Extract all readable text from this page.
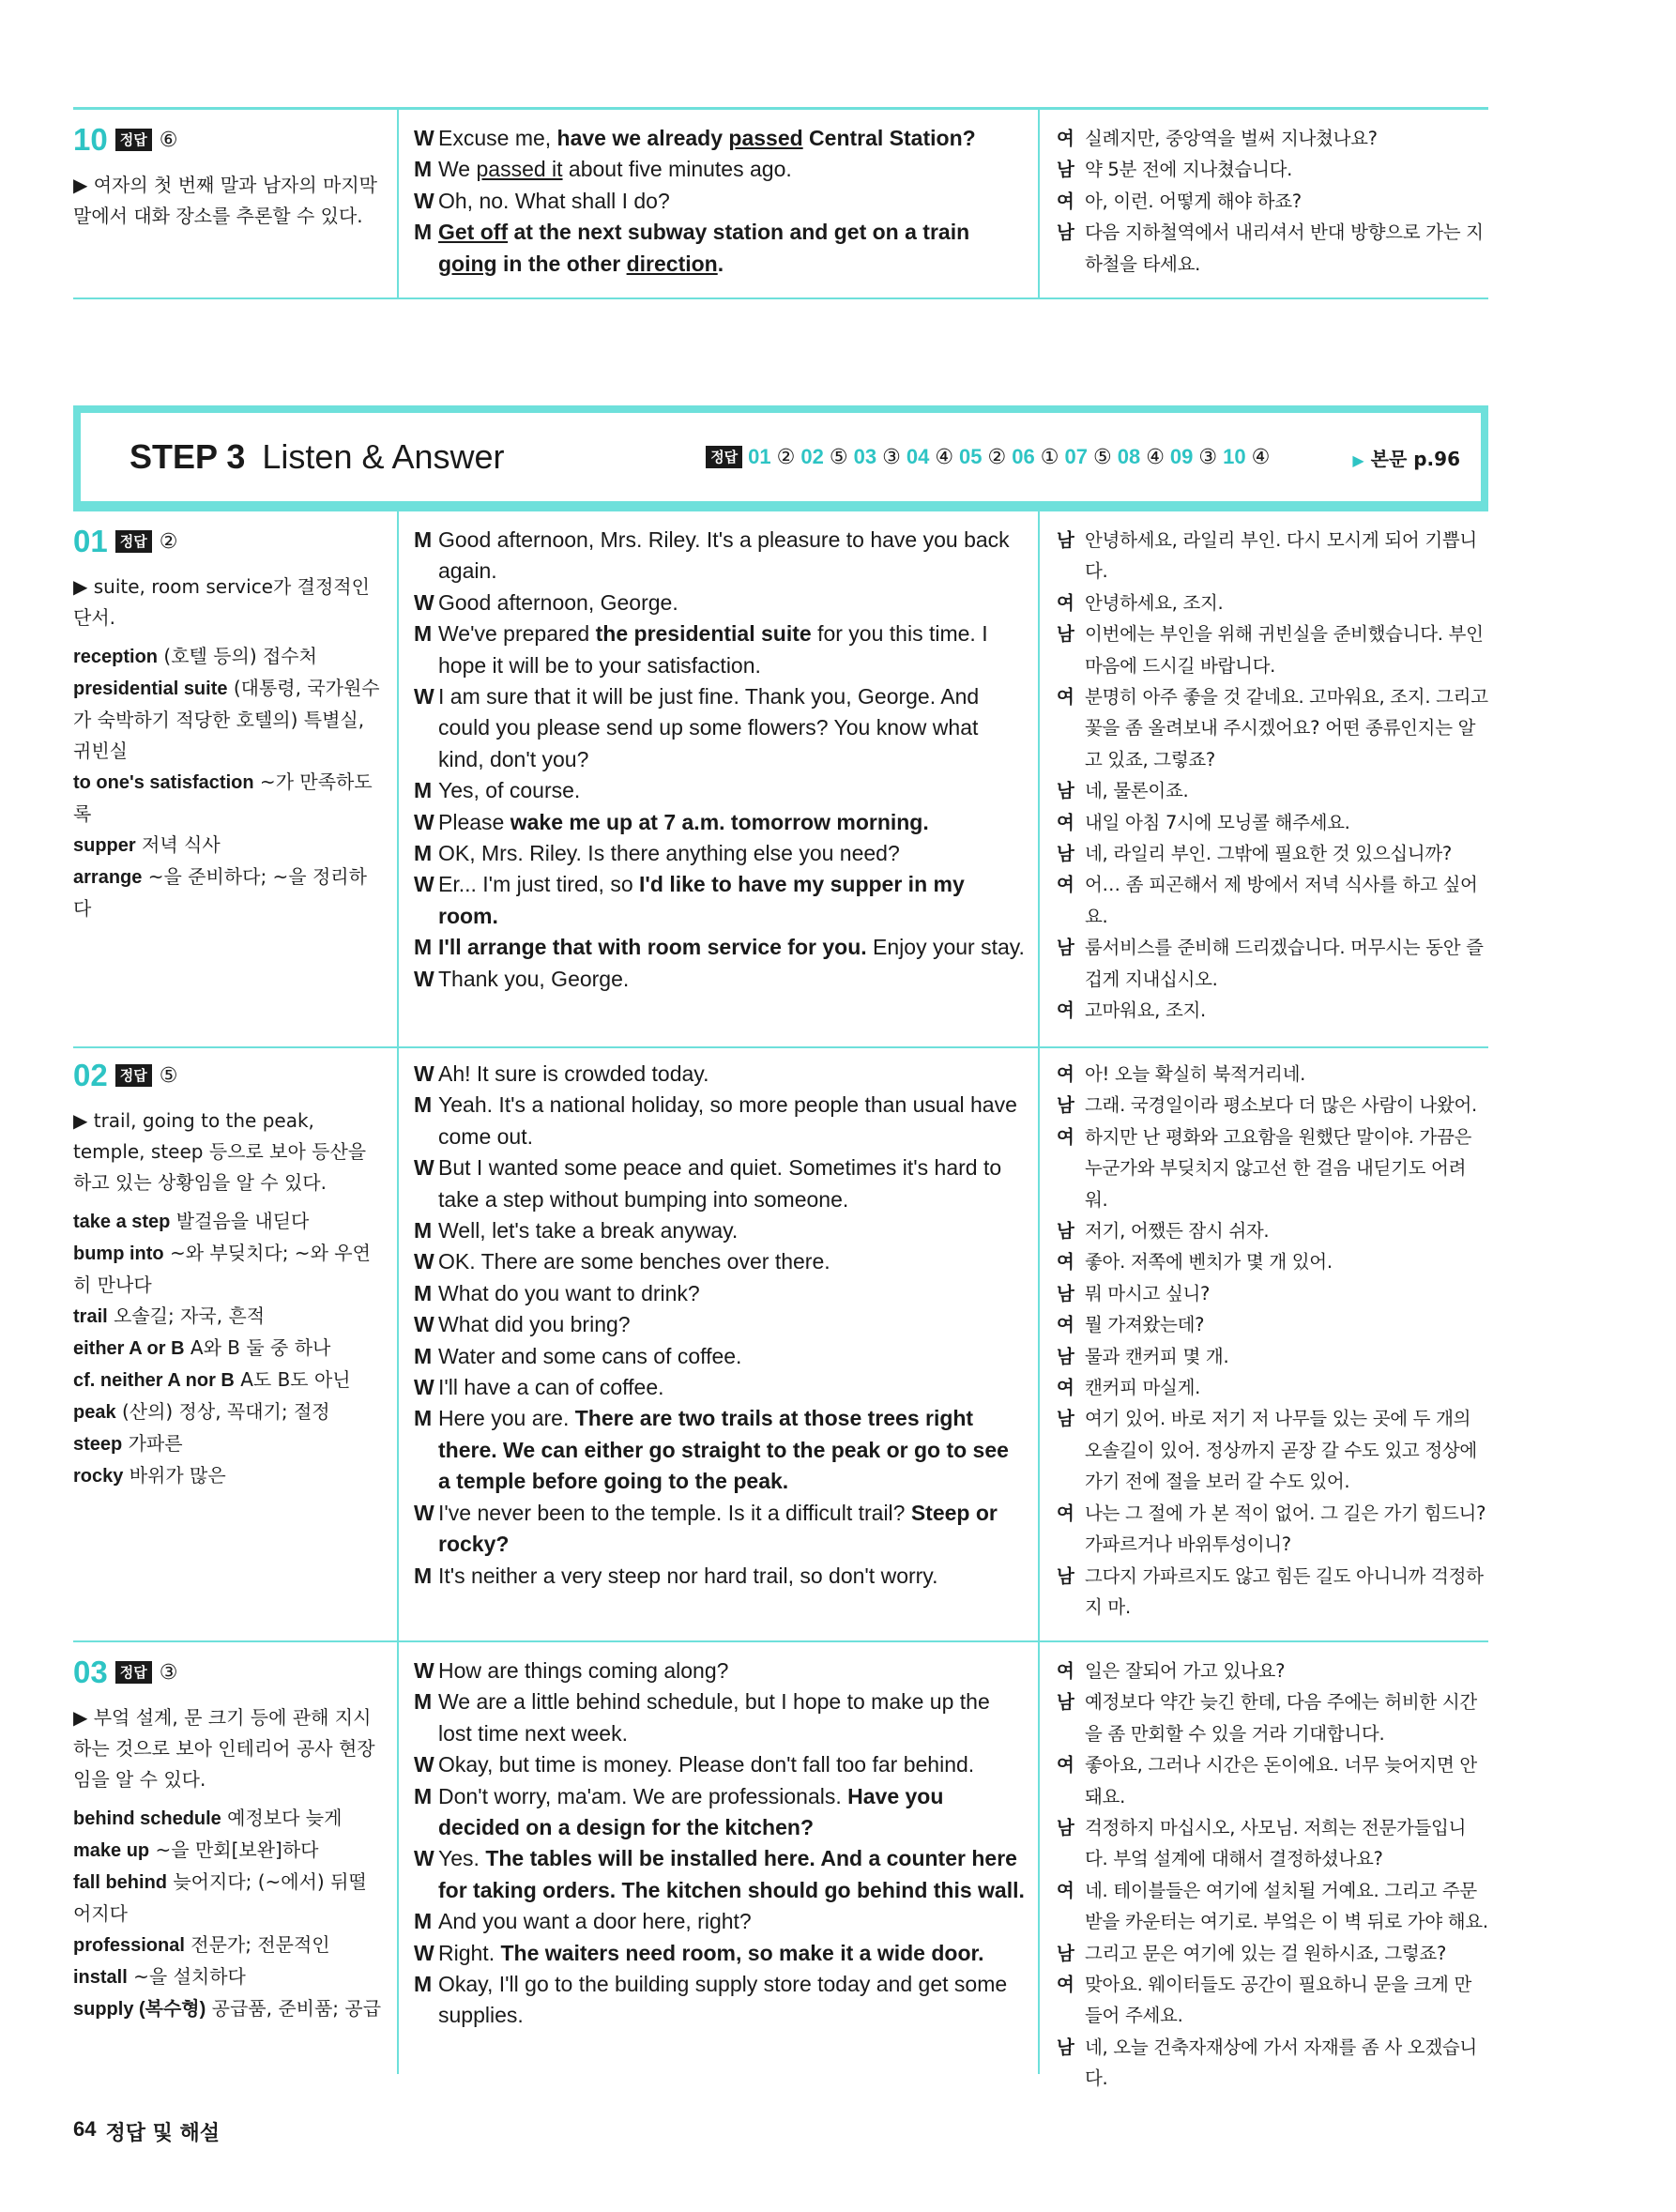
10 정답 ⑥

▶ 여자의 첫 번째 말과 남자의 마지막 말에서 대화 장소를 추론할 수 있다.

W Excuse me, have we already passed Central Station?
M We passed it about five minutes ago.
W Oh, no. What shall I do?
M Get off at the next subway station and get on a train going in the other direction.
여 실례지만, 중앙역을 벌써 지나쳤나요?
남 약 5분 전에 지나쳤습니다.
여 아, 이런. 어떻게 해야 하죠?
남 다음 지하철역에서 내리셔서 반대 방향으로 가는 지하철을 타세요.
STEP 3 Listen & Answer	정답 01 ② 02 ⑤ 03 ③ 04 ④ 05 ② 06 ① 07 ⑤ 08 ④ 09 ③ 10 ④	▶ 본문 p.96
01 정답 ②

▶ suite, room service가 결정적인 단서.

reception (호텔 등의) 접수처

presidential suite (대통령, 국가원수가 숙박하기 적당한 호텔의) 특별실, 귀빈실

to one's satisfaction ~가 만족하도록

supper 저녁 식사

arrange ~을 준비하다; ~을 정리하다

M Good afternoon, Mrs. Riley. It's a pleasure to have you back again.
W Good afternoon, George.
M We've prepared the presidential suite for you this time. I hope it will be to your satisfaction.
W I am sure that it will be just fine. Thank you, George. And could you please send up some flowers? You know what kind, don't you?
M Yes, of course.
W Please wake me up at 7 a.m. tomorrow morning.
M OK, Mrs. Riley. Is there anything else you need?
W Er... I'm just tired, so I'd like to have my supper in my room.
M I'll arrange that with room service for you. Enjoy your stay.
W Thank you, George.
남 안녕하세요, 라일리 부인. 다시 모시게 되어 기쁩니다.
여 안녕하세요, 조지.
남 이번에는 부인을 위해 귀빈실을 준비했습니다. 부인 마음에 드시길 바랍니다.
여 분명히 아주 좋을 것 같네요. 고마워요, 조지. 그리고 꽃을 좀 올려보내 주시겠어요? 어떤 종류인지는 알고 있죠, 그렇죠?
남 네, 물론이죠.
여 내일 아침 7시에 모닝콜 해주세요.
남 네, 라일리 부인. 그밖에 필요한 것 있으십니까?
여 어… 좀 피곤해서 제 방에서 저녁 식사를 하고 싶어요.
남 룸서비스를 준비해 드리겠습니다. 머무시는 동안 즐겁게 지내십시오.
여 고마워요, 조지.
02 정답 ⑤

▶ trail, going to the peak, temple, steep 등으로 보아 등산을 하고 있는 상황임을 알 수 있다.

take a step 발걸음을 내딛다

bump into ~와 부딪치다; ~와 우연히 만나다

trail 오솔길; 자국, 흔적

either A or B A와 B 둘 중 하나

cf. neither A nor B A도 B도 아닌

peak (산의) 정상, 꼭대기; 절정

steep 가파른

rocky 바위가 많은

W Ah! It sure is crowded today.
M Yeah. It's a national holiday, so more people than usual have come out.
W But I wanted some peace and quiet. Sometimes it's hard to take a step without bumping into someone.
M Well, let's take a break anyway.
W OK. There are some benches over there.
M What do you want to drink?
W What did you bring?
M Water and some cans of coffee.
W I'll have a can of coffee.
M Here you are. There are two trails at those trees right there. We can either go straight to the peak or go to see a temple before going to the peak.
W I've never been to the temple. Is it a difficult trail? Steep or rocky?
M It's neither a very steep nor hard trail, so don't worry.
여 아! 오늘 확실히 북적거리네.
남 그래. 국경일이라 평소보다 더 많은 사람이 나왔어.
여 하지만 난 평화와 고요함을 원했단 말이야. 가끔은 누군가와 부딪치지 않고선 한 걸음 내딛기도 어려워.
남 저기, 어쨌든 잠시 쉬자.
여 좋아. 저쪽에 벤치가 몇 개 있어.
남 뭐 마시고 싶니?
여 뭘 가져왔는데?
남 물과 캔커피 몇 개.
여 캔커피 마실게.
남 여기 있어. 바로 저기 저 나무들 있는 곳에 두 개의 오솔길이 있어. 정상까지 곧장 갈 수도 있고 정상에 가기 전에 절을 보러 갈 수도 있어.
여 나는 그 절에 가 본 적이 없어. 그 길은 가기 힘드니? 가파르거나 바위투성이니?
남 그다지 가파르지도 않고 힘든 길도 아니니까 걱정하지 마.
03 정답 ③

▶ 부엌 설계, 문 크기 등에 관해 지시하는 것으로 보아 인테리어 공사 현장임을 알 수 있다.

behind schedule 예정보다 늦게

make up ~을 만회[보완]하다

fall behind 늦어지다; (~에서) 뒤떨어지다

professional 전문가; 전문적인

install ~을 설치하다

supply (복수형) 공급품, 준비품; 공급

W How are things coming along?
M We are a little behind schedule, but I hope to make up the lost time next week.
W Okay, but time is money. Please don't fall too far behind.
M Don't worry, ma'am. We are professionals. Have you decided on a design for the kitchen?
W Yes. The tables will be installed here. And a counter here for taking orders. The kitchen should go behind this wall.
M And you want a door here, right?
W Right. The waiters need room, so make it a wide door.
M Okay, I'll go to the building supply store today and get some supplies.
여 일은 잘되어 가고 있나요?
남 예정보다 약간 늦긴 한데, 다음 주에는 허비한 시간을 좀 만회할 수 있을 거라 기대합니다.
여 좋아요, 그러나 시간은 돈이에요. 너무 늦어지면 안 돼요.
남 걱정하지 마십시오, 사모님. 저희는 전문가들입니다. 부엌 설계에 대해서 결정하셨나요?
여 네. 테이블들은 여기에 설치될 거예요. 그리고 주문받을 카운터는 여기로. 부엌은 이 벽 뒤로 가야 해요.
남 그리고 문은 여기에 있는 걸 원하시죠, 그렇죠?
여 맞아요. 웨이터들도 공간이 필요하니 문을 크게 만들어 주세요.
남 네, 오늘 건축자재상에 가서 자재를 좀 사 오겠습니다.
64 정답 및 해설
